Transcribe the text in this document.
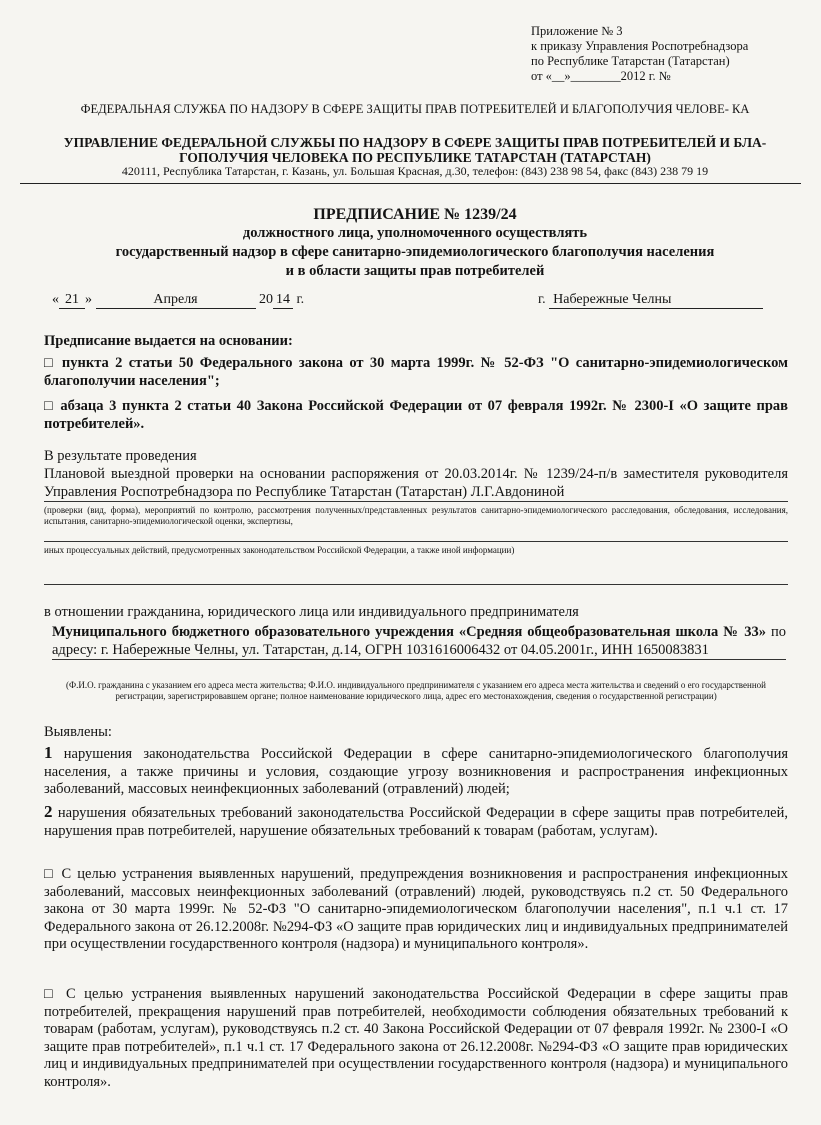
Приложение № 3
к приказу Управления Роспотребнадзора
по Республике Татарстан (Татарстан)
от «__»________2012 г. №
ФЕДЕРАЛЬНАЯ СЛУЖБА ПО НАДЗОРУ В СФЕРЕ ЗАЩИТЫ ПРАВ ПОТРЕБИТЕЛЕЙ И БЛАГОПОЛУЧИЯ ЧЕЛОВЕ- КА
УПРАВЛЕНИЕ ФЕДЕРАЛЬНОЙ СЛУЖБЫ ПО НАДЗОРУ В СФЕРЕ ЗАЩИТЫ ПРАВ ПОТРЕБИТЕЛЕЙ И БЛА- ГОПОЛУЧИЯ ЧЕЛОВЕКА ПО РЕСПУБЛИКЕ ТАТАРСТАН (ТАТАРСТАН)
420111, Республика Татарстан, г. Казань, ул. Большая Красная, д.30, телефон: (843) 238 98 54, факс (843) 238 79 19
ПРЕДПИСАНИЕ № 1239/24
должностного лица, уполномоченного осуществлять
государственный надзор в сфере санитарно-эпидемиологического благополучия населения
и в области защиты прав потребителей
« 21 »	Апреля	20 14 г.	г. Набережные Челны
Предписание выдается на основании:
□ пункта 2 статьи 50 Федерального закона от 30 марта 1999г. № 52-ФЗ "О санитарно-эпидемиологическом благополучии населения";
□ абзаца 3 пункта 2 статьи 40 Закона Российской Федерации от 07 февраля 1992г. № 2300-I «О защите прав потребителей».
В результате проведения
Плановой выездной проверки на основании распоряжения от 20.03.2014г. № 1239/24-п/в заместителя руководителя Управления Роспотребнадзора по Республике Татарстан (Татарстан) Л.Г.Авдониной
(проверки (вид, форма), мероприятий по контролю, рассмотрения полученных/представленных результатов санитарно-эпидемиологического расследования, обследования, исследования, испытания, санитарно-эпидемиологической оценки, экспертизы,
иных процессуальных действий, предусмотренных законодательством Российской Федерации, а также иной информации)
в отношении гражданина, юридического лица или индивидуального предпринимателя
Муниципального бюджетного образовательного учреждения «Средняя общеобразовательная школа № 33» по адресу: г. Набережные Челны, ул. Татарстан, д.14, ОГРН 1031616006432 от 04.05.2001г., ИНН 1650083831
(Ф.И.О. гражданина с указанием его адреса места жительства; Ф.И.О. индивидуального предпринимателя с указанием его адреса места жительства и сведений о его государственной регистрации, зарегистрировавшем органе; полное наименование юридического лица, адрес его местонахождения, сведения о государственной регистрации)
Выявлены:
1 нарушения законодательства Российской Федерации в сфере санитарно-эпидемиологического благополучия населения, а также причины и условия, создающие угрозу возникновения и распространения инфекционных заболеваний, массовых неинфекционных заболеваний (отравлений) людей;
2 нарушения обязательных требований законодательства Российской Федерации в сфере защиты прав потребителей, нарушения прав потребителей, нарушение обязательных требований к товарам (работам, услугам).
□ С целью устранения выявленных нарушений, предупреждения возникновения и распространения инфекционных заболеваний, массовых неинфекционных заболеваний (отравлений) людей, руководствуясь п.2 ст. 50 Федерального закона от 30 марта 1999г. № 52-ФЗ "О санитарно-эпидемиологическом благополучии населения", п.1 ч.1 ст. 17 Федерального закона от 26.12.2008г. №294-ФЗ «О защите прав юридических лиц и индивидуальных предпринимателей при осуществлении государственного контроля (надзора) и муниципального контроля».
□ С целью устранения выявленных нарушений законодательства Российской Федерации в сфере защиты прав потребителей, прекращения нарушений прав потребителей, необходимости соблюдения обязательных требований к товарам (работам, услугам), руководствуясь п.2 ст. 40 Закона Российской Федерации от 07 февраля 1992г. № 2300-I «О защите прав потребителей», п.1 ч.1 ст. 17 Федерального закона от 26.12.2008г. №294-ФЗ «О защите прав юридических лиц и индивидуальных предпринимателей при осуществлении государственного контроля (надзора) и муниципального контроля».
